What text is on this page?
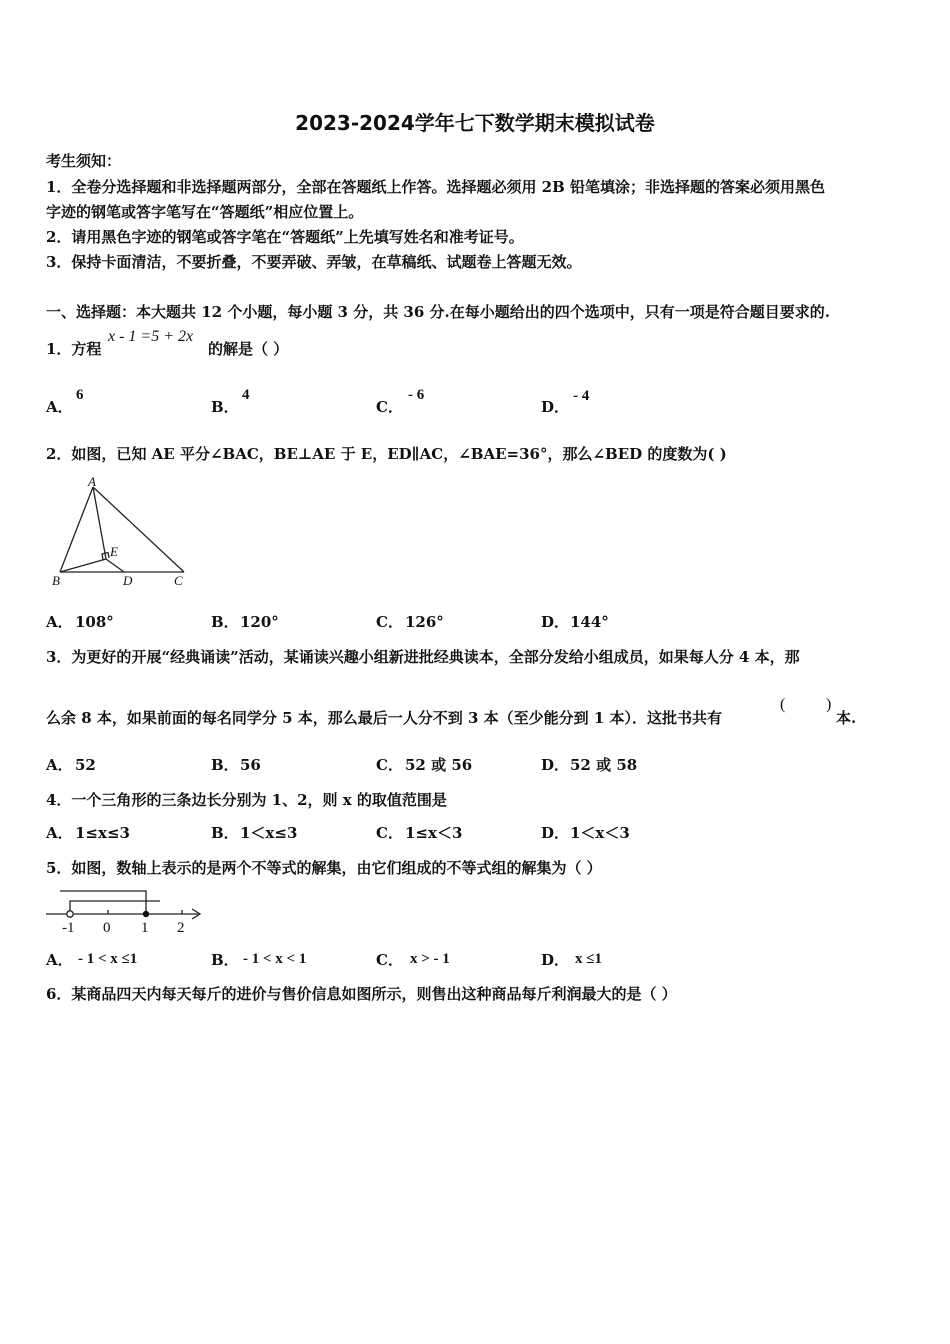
2023-2024学年七下数学期末模拟试卷
考生须知：
1．全卷分选择题和非选择题两部分，全部在答题纸上作答。选择题必须用 2B 铅笔填涂；非选择题的答案必须用黑色
字迹的钢笔或答字笔写在“答题纸”相应位置上。
2．请用黑色字迹的钢笔或答字笔在“答题纸”上先填写姓名和准考证号。
3．保持卡面清洁，不要折叠，不要弄破、弄皱，在草稿纸、试题卷上答题无效。
一、选择题：本大题共 12 个小题，每小题 3 分，共 36 分.在每小题给出的四个选项中，只有一项是符合题目要求的.
1．方程
x - 1 =5 + 2x
的解是（ ）
A．
6
B．
4
C．
- 6
D．
- 4
2．如图，已知 AE 平分∠BAC，BE⊥AE 于 E，ED∥AC，∠BAE=36°，那么∠BED 的度数为( )
A
B	C
D
E
A． 108°	B． 120°	C． 126°	D． 144°
3．为更好的开展“经典诵读”活动，某诵读兴趣小组新进批经典读本，全部分发给小组成员，如果每人分 4 本，那
么余 8 本，如果前面的每名同学分 5 本，那么最后一人分不到 3 本（至少能分到 1 本）．这批书共有
(	)
本.
A． 52	B． 56	C． 52 或 56	D． 52 或 58
4．一个三角形的三条边长分别为 1、2，则 x 的取值范围是
A． 1≤x≤3	B． 1＜x≤3	C． 1≤x＜3	D． 1＜x＜3
5．如图，数轴上表示的是两个不等式的解集，由它们组成的不等式组的解集为（ ）
-1 0 1 2
A． - 1 < x ≤1	B． - 1 < x < 1	C． x > - 1	D． x ≤1
6．某商品四天内每天每斤的进价与售价信息如图所示，则售出这种商品每斤利润最大的是（ ）
